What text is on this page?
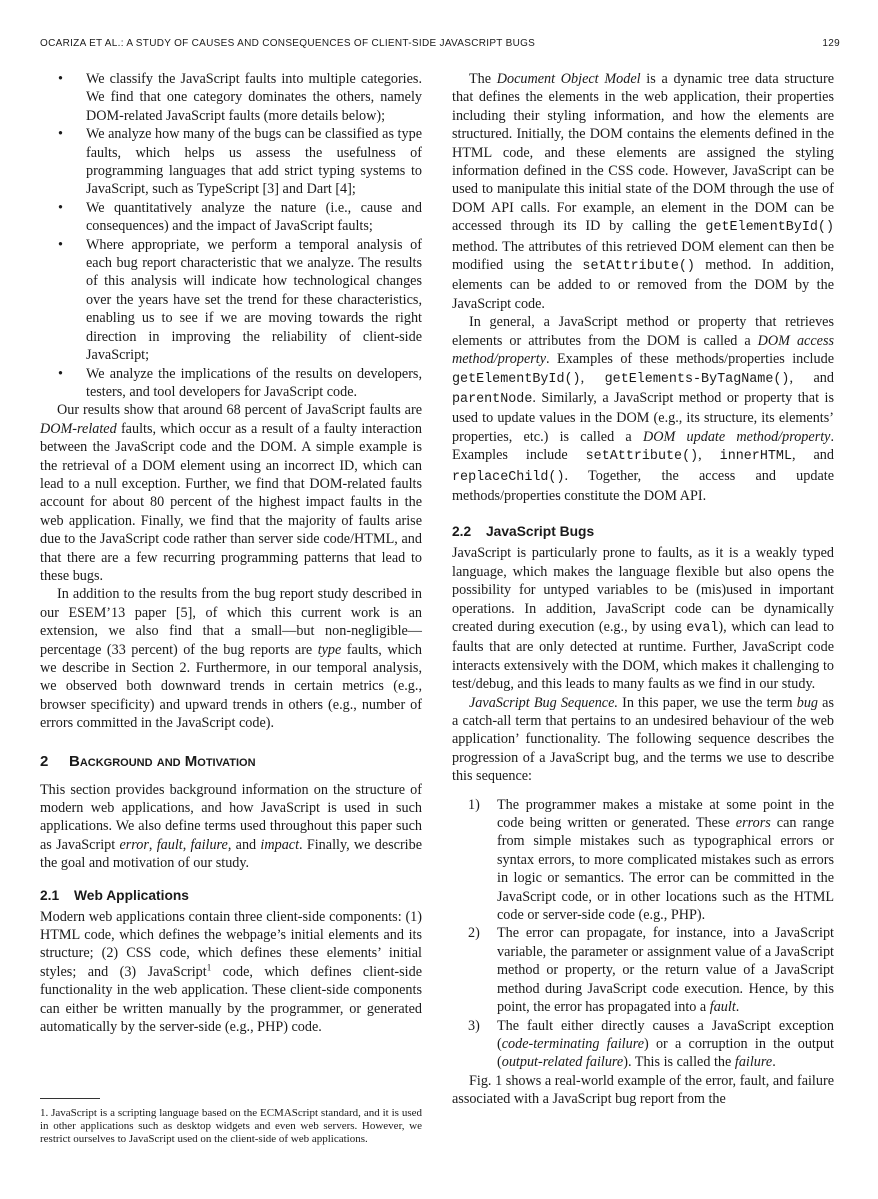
OCARIZA ET AL.: A STUDY OF CAUSES AND CONSEQUENCES OF CLIENT-SIDE JAVASCRIPT BUGS	129
• We classify the JavaScript faults into multiple categories. We find that one category dominates the others, namely DOM-related JavaScript faults (more details below);
• We analyze how many of the bugs can be classified as type faults, which helps us assess the usefulness of programming languages that add strict typing systems to JavaScript, such as TypeScript [3] and Dart [4];
• We quantitatively analyze the nature (i.e., cause and consequences) and the impact of JavaScript faults;
• Where appropriate, we perform a temporal analysis of each bug report characteristic that we analyze. The results of this analysis will indicate how technological changes over the years have set the trend for these characteristics, enabling us to see if we are moving towards the right direction in improving the reliability of client-side JavaScript;
• We analyze the implications of the results on developers, testers, and tool developers for JavaScript code.

Our results show that around 68 percent of JavaScript faults are DOM-related faults, which occur as a result of a faulty interaction between the JavaScript code and the DOM. A simple example is the retrieval of a DOM element using an incorrect ID, which can lead to a null exception. Further, we find that DOM-related faults account for about 80 percent of the highest impact faults in the web application. Finally, we find that the majority of faults arise due to the JavaScript code rather than server side code/HTML, and that there are a few recurring programming patterns that lead to these bugs.

In addition to the results from the bug report study described in our ESEM’13 paper [5], of which this current work is an extension, we also find that a small—but non-negligible—percentage (33 percent) of the bug reports are type faults, which we describe in Section 2. Furthermore, in our temporal analysis, we observed both downward trends in certain metrics (e.g., browser specificity) and upward trends in others (e.g., number of errors committed in the JavaScript code).

2 Background and Motivation

This section provides background information on the structure of modern web applications, and how JavaScript is used in such applications. We also define terms used throughout this paper such as JavaScript error, fault, failure, and impact. Finally, we describe the goal and motivation of our study.

2.1 Web Applications

Modern web applications contain three client-side components: (1) HTML code, which defines the webpage’s initial elements and its structure; (2) CSS code, which defines these elements’ initial styles; and (3) JavaScript$^1$ code, which defines client-side functionality in the web application. These client-side components can either be written manually by the programmer, or generated automatically by the server-side (e.g., PHP) code.

1. JavaScript is a scripting language based on the ECMAScript standard, and it is used in other applications such as desktop widgets and even web servers. However, we restrict ourselves to JavaScript used on the client-side of web applications.

The Document Object Model is a dynamic tree data structure that defines the elements in the web application, their properties including their styling information, and how the elements are structured. Initially, the DOM contains the elements defined in the HTML code, and these elements are assigned the styling information defined in the CSS code. However, JavaScript can be used to manipulate this initial state of the DOM through the use of DOM API calls. For example, an element in the DOM can be accessed through its ID by calling the getElementById() method. The attributes of this retrieved DOM element can then be modified using the setAttribute() method. In addition, elements can be added to or removed from the DOM by the JavaScript code.

In general, a JavaScript method or property that retrieves elements or attributes from the DOM is called a DOM access method/property. Examples of these methods/properties include getElementById(), getElements-ByTagName(), and parentNode. Similarly, a JavaScript method or property that is used to update values in the DOM (e.g., its structure, its elements’ properties, etc.) is called a DOM update method/property. Examples include setAttribute(), innerHTML, and replaceChild(). Together, the access and update methods/properties constitute the DOM API.

2.2 JavaScript Bugs

JavaScript is particularly prone to faults, as it is a weakly typed language, which makes the language flexible but also opens the possibility for untyped variables to be (mis)used in important operations. In addition, JavaScript code can be dynamically created during execution (e.g., by using eval), which can lead to faults that are only detected at runtime. Further, JavaScript code interacts extensively with the DOM, which makes it challenging to test/debug, and this leads to many faults as we find in our study.

JavaScript Bug Sequence. In this paper, we use the term bug as a catch-all term that pertains to an undesired behaviour of the web application’ functionality. The following sequence describes the progression of a JavaScript bug, and the terms we use to describe this sequence:

1) The programmer makes a mistake at some point in the code being written or generated. These errors can range from simple mistakes such as typographical errors or syntax errors, to more complicated mistakes such as errors in logic or semantics. The error can be committed in the JavaScript code, or in other locations such as the HTML code or server-side code (e.g., PHP).
2) The error can propagate, for instance, into a JavaScript variable, the parameter or assignment value of a JavaScript method or property, or the return value of a JavaScript method during JavaScript code execution. Hence, by this point, the error has propagated into a fault.
3) The fault either directly causes a JavaScript exception (code-terminating failure) or a corruption in the output (output-related failure). This is called the failure.

Fig. 1 shows a real-world example of the error, fault, and failure associated with a JavaScript bug report from the
